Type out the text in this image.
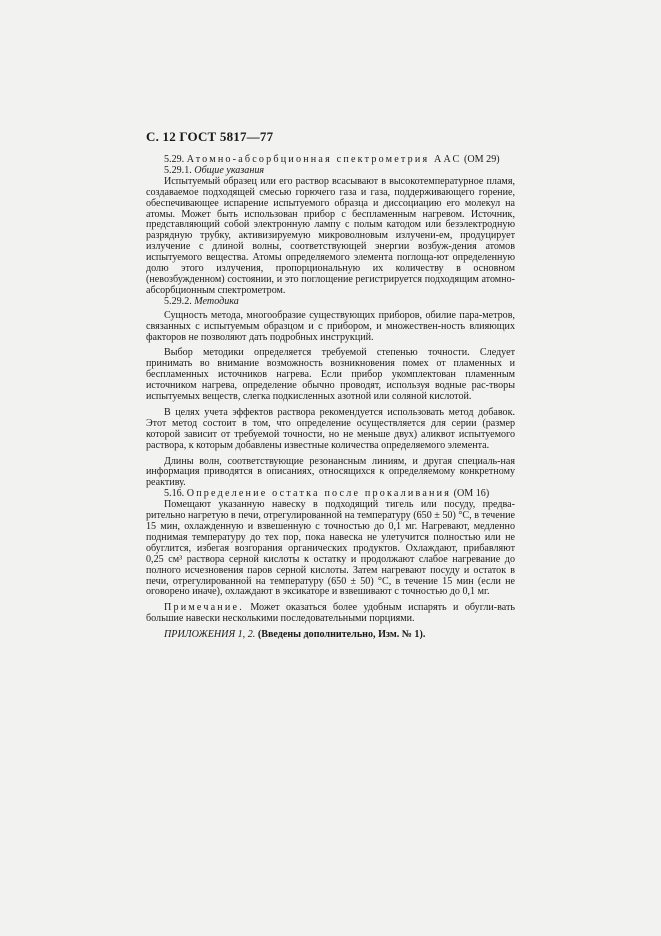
С. 12 ГОСТ 5817—77

5.29. Атомно-абсорбционная спектрометрия ААС (ОМ 29)

5.29.1. Общие указания

Испытуемый образец или его раствор всасывают в высокотемпературное пламя, создаваемое подходящей смесью горючего газа и газа, поддерживающего горение, обеспечивающее испарение испытуемого образца и диссоциацию его молекул на атомы. Может быть использован прибор с беспламенным нагревом. Источник, представляющий собой электронную лампу с полым катодом или безэлектродную разрядную трубку, активизируемую микроволновым излучени-ем, продуцирует излучение с длиной волны, соответствующей энергии возбуж-дения атомов испытуемого вещества. Атомы определяемого элемента поглоща-ют определенную долю этого излучения, пропорциональную их количеству в основном (невозбужденном) состоянии, и это поглощение регистрируется подходящим атомно-абсорбционным спектрометром.

5.29.2. Методика

Сущность метода, многообразие существующих приборов, обилие пара-метров, связанных с испытуемым образцом и с прибором, и множествен-ность влияющих факторов не позволяют дать подробных инструкций.

Выбор методики определяется требуемой степенью точности. Следует принимать во внимание возможность возникновения помех от пламенных и беспламенных источников нагрева. Если прибор укомплектован пламенным источником нагрева, определение обычно проводят, используя водные рас-творы испытуемых веществ, слегка подкисленных азотной или соляной кислотой.

В целях учета эффектов раствора рекомендуется использовать метод добавок. Этот метод состоит в том, что определение осуществляется для серии (размер которой зависит от требуемой точности, но не меньше двух) аликвот испытуемого раствора, к которым добавлены известные количества определяемого элемента.

Длины волн, соответствующие резонансным линиям, и другая специаль-ная информация приводятся в описаниях, относящихся к определяемому конкретному реактиву.

5.16. Определение остатка после прокаливания (ОМ 16)

Помещают указанную навеску в подходящий тигель или посуду, предва-рительно нагретую в печи, отрегулированной на температуру (650 ± 50) °С, в течение 15 мин, охлажденную и взвешенную с точностью до 0,1 мг. Нагревают, медленно поднимая температуру до тех пор, пока навеска не улетучится полностью или не обуглится, избегая возгорания органических продуктов. Охлаждают, прибавляют 0,25 см³ раствора серной кислоты к остатку и продолжают слабое нагревание до полного исчезновения паров серной кислоты. Затем нагревают посуду и остаток в печи, отрегулированной на температуру (650 ± 50) °С, в течение 15 мин (если не оговорено иначе), охлаждают в эксикаторе и взвешивают с точностью до 0,1 мг.

Примечание. Может оказаться более удобным испарять и обугли-вать большие навески несколькими последовательными порциями.

ПРИЛОЖЕНИЯ 1, 2. (Введены дополнительно, Изм. № 1).
